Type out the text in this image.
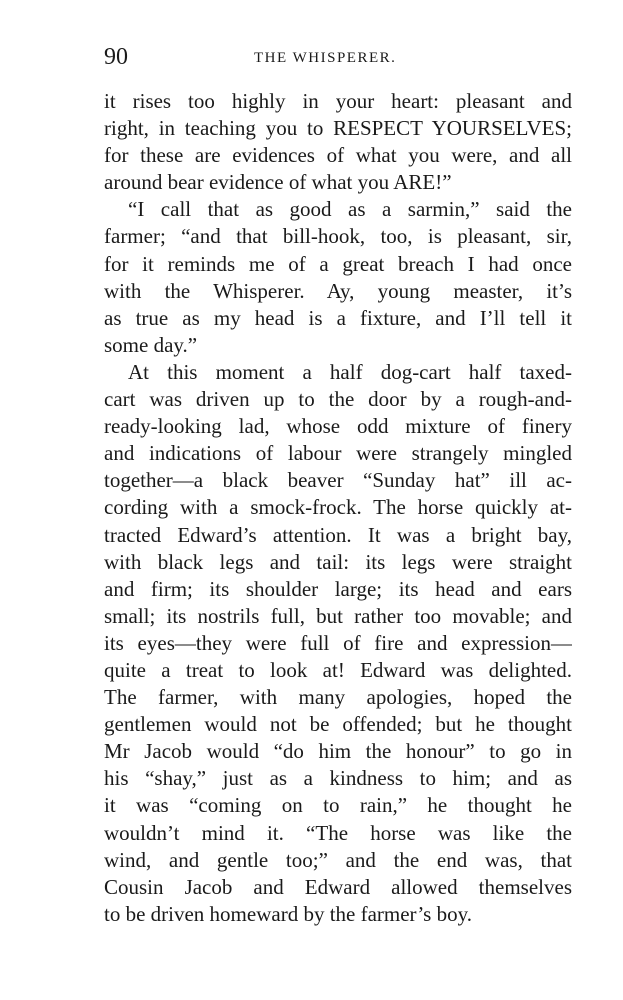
90	THE WHISPERER.
it rises too highly in your heart: pleasant and
right, in teaching you to RESPECT YOURSELVES;
for these are evidences of what you were, and all
around bear evidence of what you ARE!”
“I call that as good as a sarmin,” said the
farmer; “and that bill-hook, too, is pleasant, sir,
for it reminds me of a great breach I had once
with the Whisperer. Ay, young measter, it’s
as true as my head is a fixture, and I’ll tell it
some day.”
At this moment a half dog-cart half taxed-
cart was driven up to the door by a rough-and-
ready-looking lad, whose odd mixture of finery
and indications of labour were strangely mingled
together—a black beaver “Sunday hat” ill ac-
cording with a smock-frock. The horse quickly at-
tracted Edward’s attention. It was a bright bay,
with black legs and tail: its legs were straight
and firm; its shoulder large; its head and ears
small; its nostrils full, but rather too movable; and
its eyes—they were full of fire and expression—
quite a treat to look at! Edward was delighted.
The farmer, with many apologies, hoped the
gentlemen would not be offended; but he thought
Mr Jacob would “do him the honour” to go in
his “shay,” just as a kindness to him; and as
it was “coming on to rain,” he thought he
wouldn’t mind it. “The horse was like the
wind, and gentle too;” and the end was, that
Cousin Jacob and Edward allowed themselves
to be driven homeward by the farmer’s boy.
